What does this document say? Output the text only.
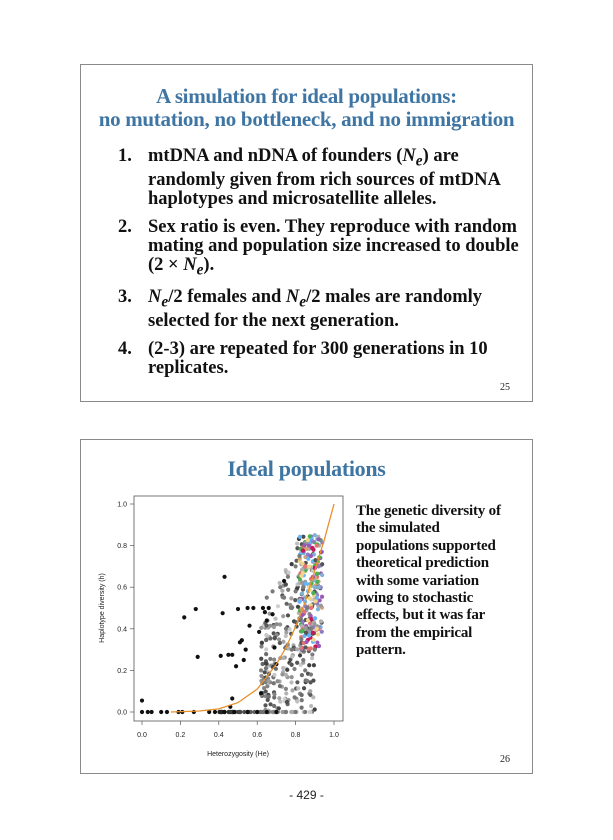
A simulation for ideal populations:
no mutation, no bottleneck, and no immigration
1. mtDNA and nDNA of founders $(N_e)$ are randomly given from rich sources of mtDNA haplotypes and microsatellite alleles.
2. Sex ratio is even. They reproduce with random mating and population size increased to double $(2 \times N_e)$.
3. $N_e/2$ females and $N_e/2$ males are randomly selected for the next generation.
4. (2-3) are repeated for 300 generations in 10 replicates.
25
Ideal populations
0.0	0.2	0.4	0.6	0.8	1.0
0.0
0.2
0.4
0.6
0.8
1.0
Heterozygosity (He)
Haplotype diversity (h)
The genetic diversity of the simulated populations supported theoretical prediction with some variation owing to stochastic effects, but it was far from the empirical pattern.
26
- 429 -
